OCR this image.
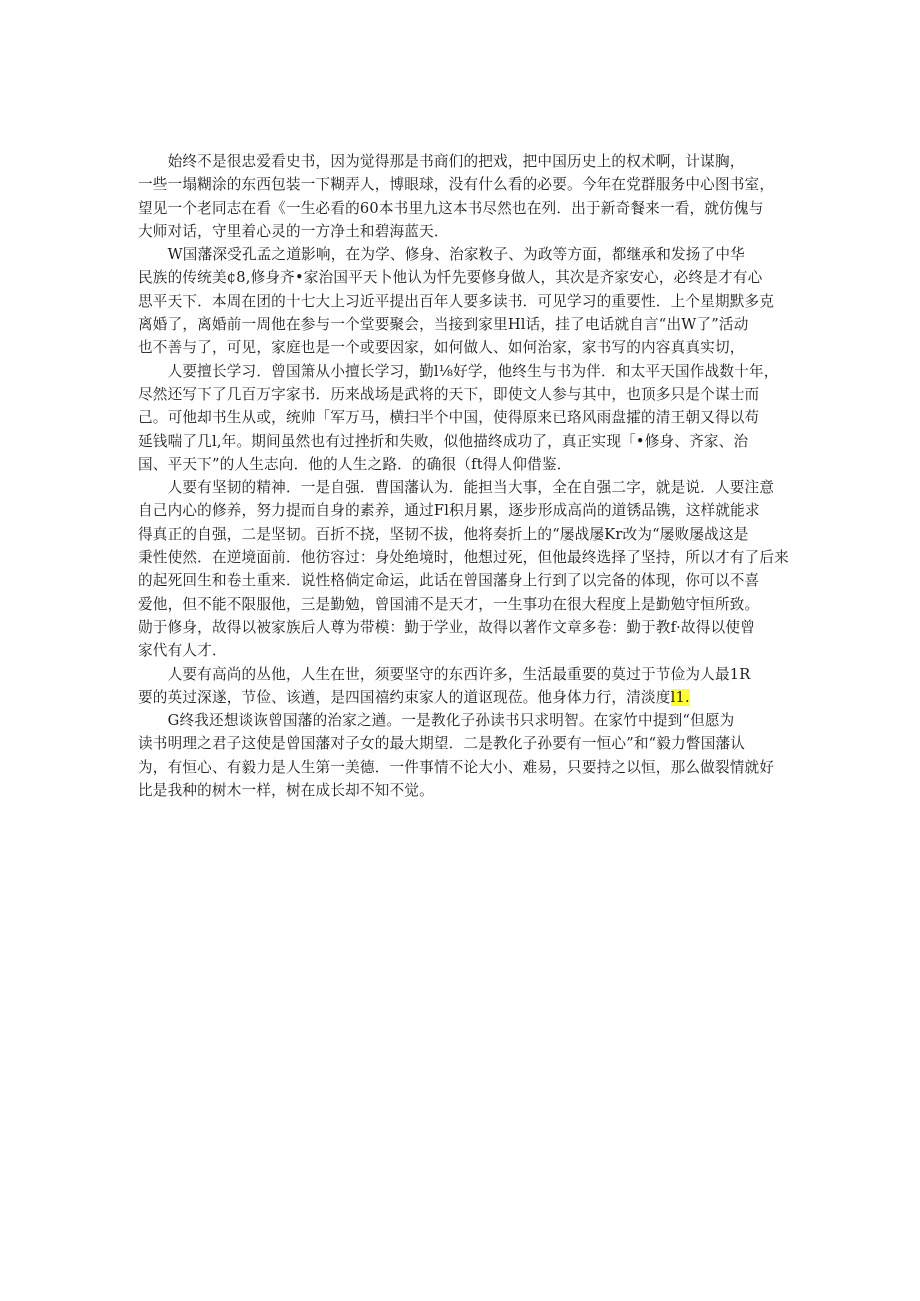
　　始终不是很忠爱看史书，因为觉得那是书商们的把戏，把中国历史上的权术啊，计谋胸，
一些一塌糊涂的东西包装一下糊弄人，博眼球，没有什么看的必要。今年在党群服务中心图书室，
望见一个老同志在看《一生必看的60本书里九这本书尽然也在列．出于新奇餐来一看，就仿傀与
大师对话，守里着心灵的一方净土和碧海蓝天．
　　W国藩深受孔孟之道影响，在为学、修身、治家敉子、为政等方面，都继承和发扬了中华
民族的传统美¢8,修身齐•家治国平天卜他认为忏先要修身做人，其次是齐家安心，必终是才有心
思平天下．本周在团的十七大上习近平提出百年人要多读书．可见学习的重要性．上个星期默多克
离婚了，离婚前一周他在参与一个堂要聚会，当接到家里Hl话，挂了电话就自言“出W了”活动
也不善与了，可见，家庭也是一个或要因家，如何做人、如何治家，家书写的内容真真实切，
　　人要擅长学习．曾国箫从小擅长学习，勤l⅛好学，他终生与书为伴．和太平天国作战数十年，
尽然还写下了几百万字家书．历来战场是武将的天下，即使文人参与其中，也顶多只是个谋士而
己。可他却书生从或，统帅「军万马，横扫半个中国，使得原来已珞风雨盘攉的清王朝又得以苟
延钱喘了几l,年。期间虽然也有过挫折和失败，似他描终成功了，真正实现「•修身、齐家、治
国、平天下”的人生志向．他的人生之路．的确很（ft得人仰借鉴．
　　人要有坚韧的精神．一是自强．曹国藩认为．能担当大事，全在自强二字，就是说．人要注意
自己内心的修养，努力提而自身的素养，通过Fl积月累，逐步形成高尚的道锈品镌，这样就能求
得真正的自强，二是坚韧。百折不挠，坚韧不拔，他将奏折上的“屡战屡Kr改为“屡败屡战这是
秉性使然．在逆境面前．他彷容过：身处绝境时，他想过死，但他最终选择了坚持，所以才有了后来
的起死回生和卷土重来．说性格倘定命运，此话在曾国藩身上行到了以完备的体现，你可以不喜
爱他，但不能不限服他，三是勤勉，曾国浦不是天才，一生事功在很大程度上是勤勉守恒所致。
勋于修身，故得以被家族后人尊为带模：勤于学业，故得以著作文章多卷：勤于教f·故得以使曾
家代有人才．
　　人要有高尚的丛他，人生在世，须要坚守的东西许多，生活最重要的莫过于节俭为人最1R
要的英过深遂，节俭、该遒，是四国禧约束家人的道讴现莅。他身体力行，清淡度l1.
　　G终我还想谈诙曾国藩的治家之遒。一是教化子孙读书只求明智。在家竹中提到“但愿为
读书明理之君子这使是曾国藩对子女的最大期望．二是教化子孙要有一恒心”和“毅力瞥国藩认
为，有恒心、有毅力是人生第一美德．一件事情不论大小、难易，只要持之以恒，那么做裂情就好
比是我种的树木一样，树在成长却不知不觉。
